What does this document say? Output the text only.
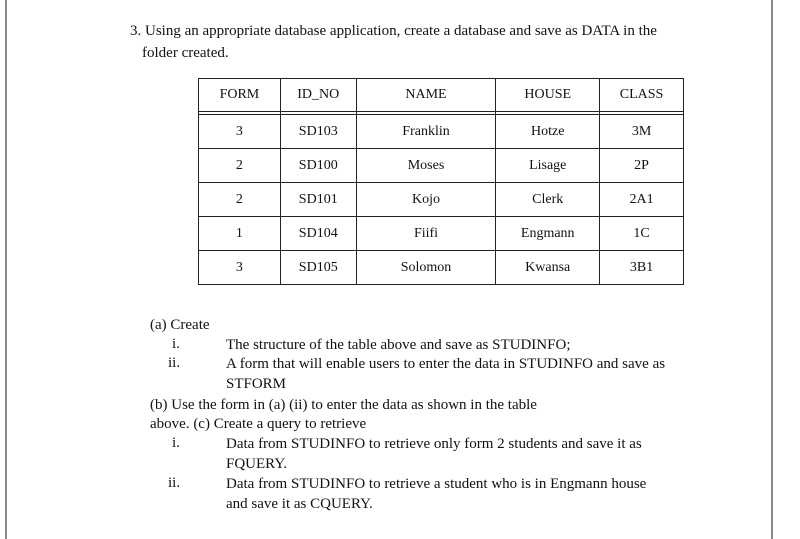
3. Using an appropriate database application, create a database and save as DATA in the
folder created.
FORM	ID_NO	NAME	HOUSE	CLASS

3	SD103	Franklin	Hotze	3M
2	SD100	Moses	Lisage	2P
2	SD101	Kojo	Clerk	2A1
1	SD104	Fiifi	Engmann	1C
3	SD105	Solomon	Kwansa	3B1
(a) Create
i.	The structure of the table above and save as STUDINFO;
ii.	A form that will enable users to enter the data in STUDINFO and save as
STFORM
(b) Use the form in (a) (ii) to enter the data as shown in the table
above. (c) Create a query to retrieve
i.	Data from STUDINFO to retrieve only form 2 students and save it as
FQUERY.
ii.	Data from STUDINFO to retrieve a student who is in Engmann house
and save it as CQUERY.
